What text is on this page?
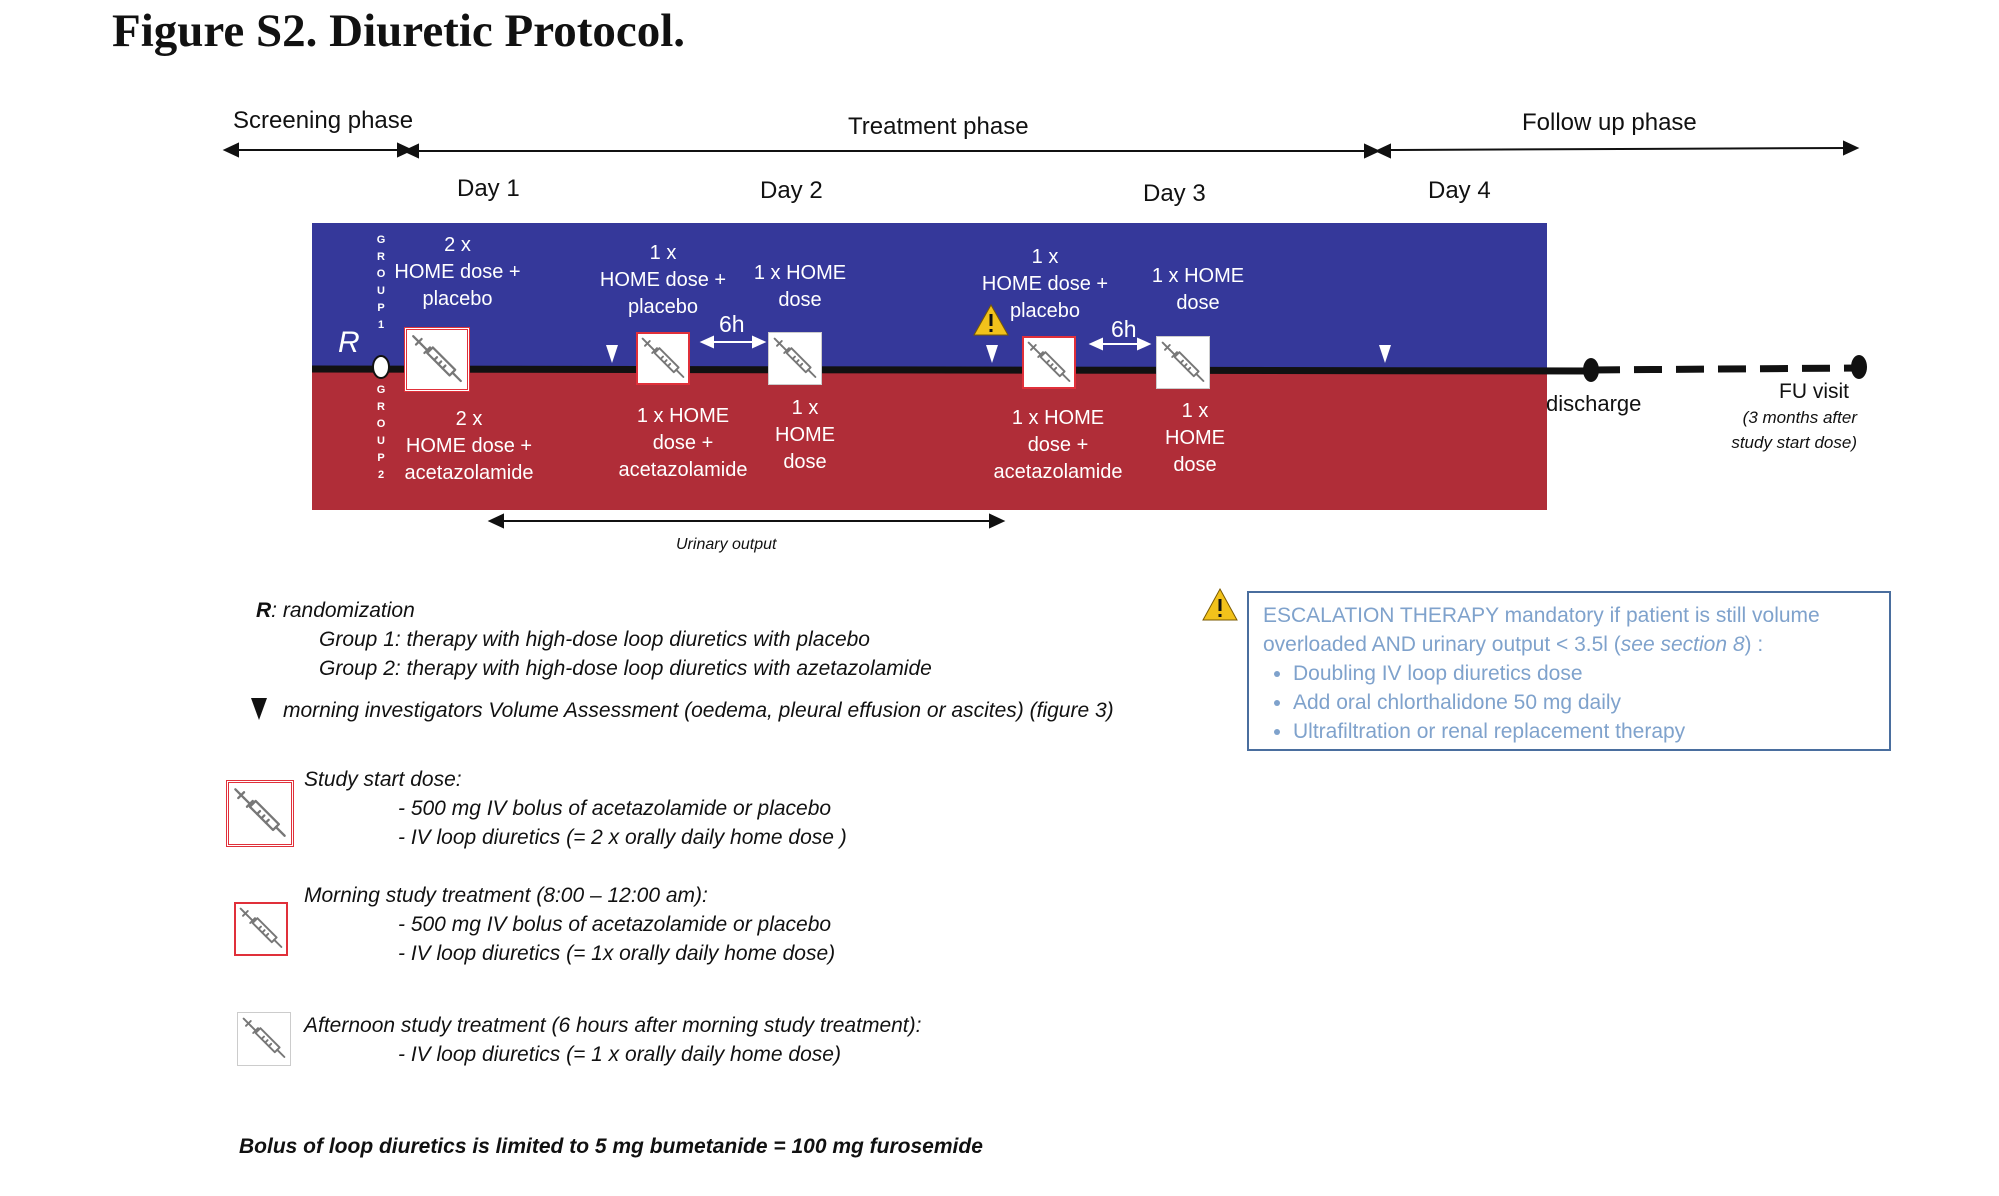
Figure S2. Diuretic Protocol.
Screening phase	Treatment phase	Follow up phase
Day 1	Day 2	Day 3	Day 4
R
G
R
O
U
P
1
G
R
O
U
P
2
2 x
HOME dose +
placebo
1 x
HOME dose +
placebo
1 x HOME
dose
1 x
HOME dose +
placebo
1 x HOME
dose
6h	6h
2 x
HOME dose +
acetazolamide
1 x HOME
dose +
acetazolamide
1 x
HOME
dose
1 x HOME
dose +
acetazolamide
1 x
HOME
dose
discharge	FU visit
(3 months after
study start dose)
Urinary output
R: randomization
Group 1: therapy with high-dose loop diuretics with placebo
Group 2: therapy with high-dose loop diuretics with azetazolamide
morning investigators Volume Assessment (oedema, pleural effusion or ascites) (figure 3)
Study start dose:
- 500 mg IV bolus of acetazolamide or placebo
- IV loop diuretics (= 2 x orally daily home dose )
Morning study treatment (8:00 – 12:00 am):
- 500 mg IV bolus of acetazolamide or placebo
- IV loop diuretics (= 1x orally daily home dose)
Afternoon study treatment (6 hours after morning study treatment):
- IV loop diuretics (= 1 x orally daily home dose)
Bolus of loop diuretics is limited to 5 mg bumetanide = 100 mg furosemide
ESCALATION THERAPY mandatory if patient is still volume
overloaded AND urinary output < 3.5l (see section 8) :
• Doubling IV loop diuretics dose
• Add oral chlorthalidone 50 mg daily
• Ultrafiltration or renal replacement therapy
